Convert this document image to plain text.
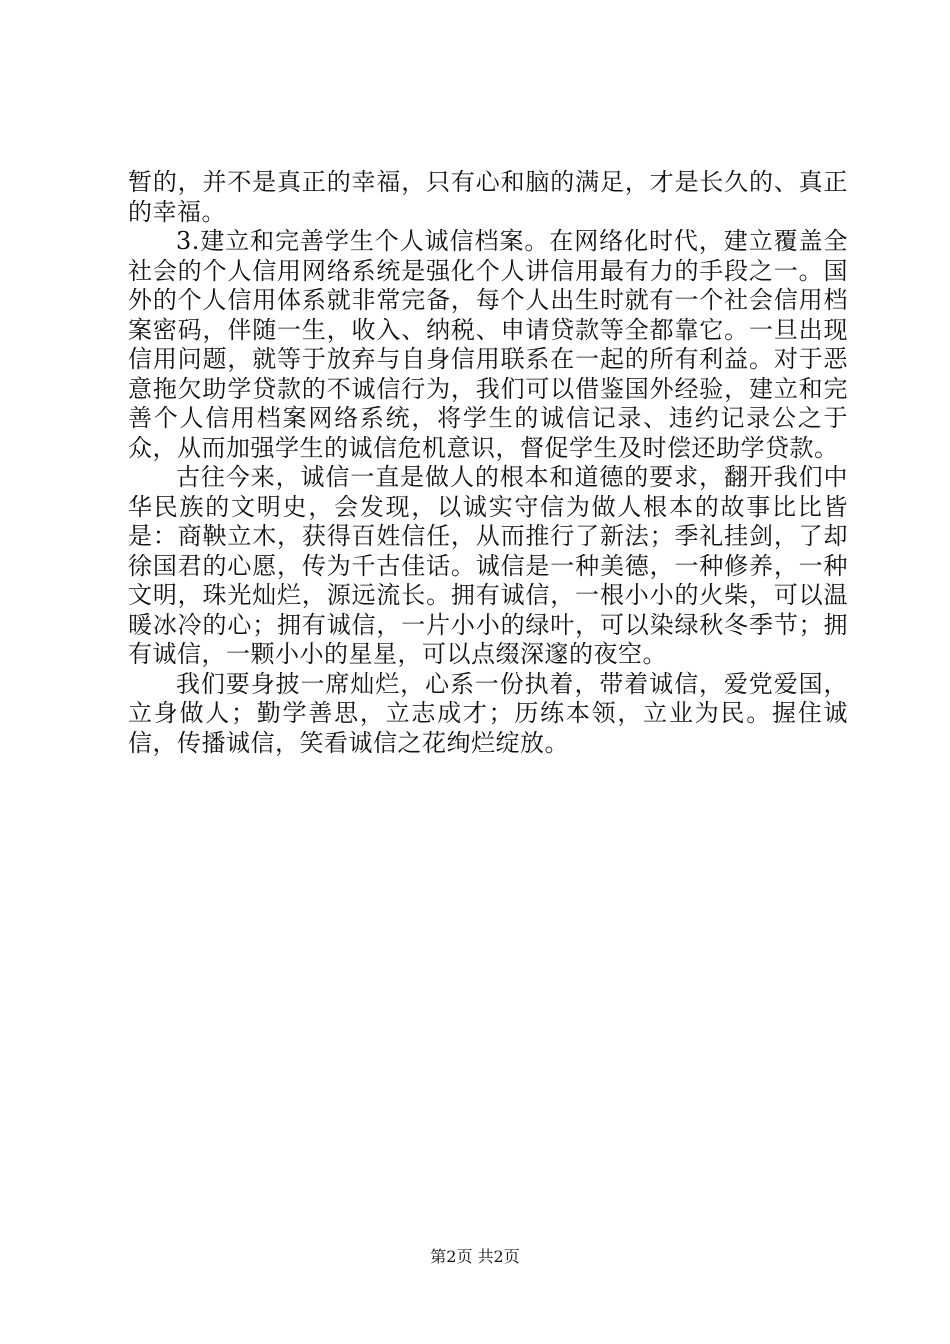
暂的，并不是真正的幸福，只有心和脑的满足，才是长久的、真正的幸福。

3.建立和完善学生个人诚信档案。在网络化时代，建立覆盖全社会的个人信用网络系统是强化个人讲信用最有力的手段之一。国外的个人信用体系就非常完备，每个人出生时就有一个社会信用档案密码，伴随一生，收入、纳税、申请贷款等全都靠它。一旦出现信用问题，就等于放弃与自身信用联系在一起的所有利益。对于恶意拖欠助学贷款的不诚信行为，我们可以借鉴国外经验，建立和完善个人信用档案网络系统，将学生的诚信记录、违约记录公之于众，从而加强学生的诚信危机意识，督促学生及时偿还助学贷款。

古往今来，诚信一直是做人的根本和道德的要求，翻开我们中华民族的文明史，会发现，以诚实守信为做人根本的故事比比皆是：商鞅立木，获得百姓信任，从而推行了新法；季礼挂剑，了却徐国君的心愿，传为千古佳话。诚信是一种美德，一种修养，一种文明，珠光灿烂，源远流长。拥有诚信，一根小小的火柴，可以温暖冰冷的心；拥有诚信，一片小小的绿叶，可以染绿秋冬季节；拥有诚信，一颗小小的星星，可以点缀深邃的夜空。

我们要身披一席灿烂，心系一份执着，带着诚信，爱党爱国，立身做人；勤学善思，立志成才；历练本领，立业为民。握住诚信，传播诚信，笑看诚信之花绚烂绽放。

第2页 共2页
